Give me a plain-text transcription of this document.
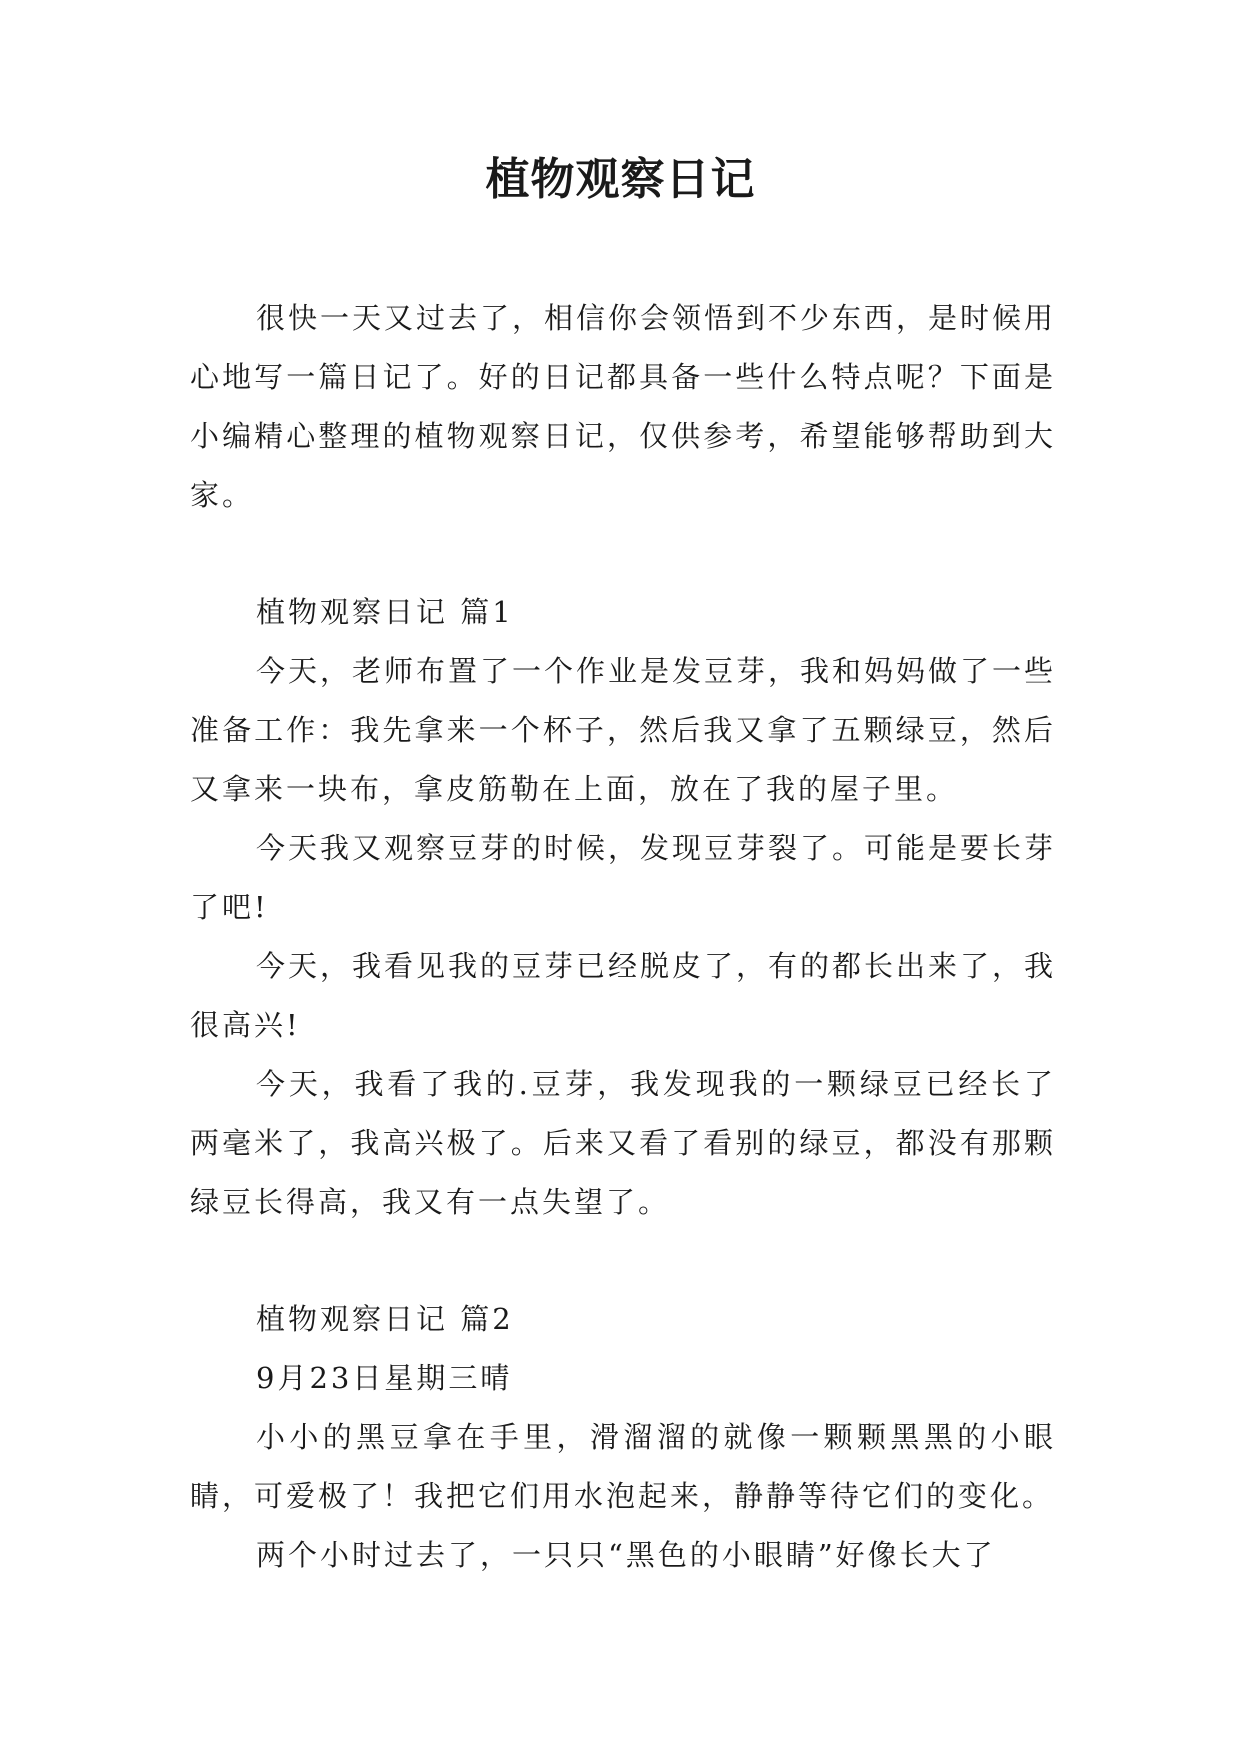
植物观察日记

很快一天又过去了，相信你会领悟到不少东西，是时候用心地写一篇日记了。好的日记都具备一些什么特点呢？下面是小编精心整理的植物观察日记，仅供参考，希望能够帮助到大家。

植物观察日记 篇1

今天，老师布置了一个作业是发豆芽，我和妈妈做了一些准备工作：我先拿来一个杯子，然后我又拿了五颗绿豆，然后又拿来一块布，拿皮筋勒在上面，放在了我的屋子里。

今天我又观察豆芽的时候，发现豆芽裂了。可能是要长芽了吧!

今天，我看见我的豆芽已经脱皮了，有的都长出来了，我很高兴!

今天，我看了我的.豆芽，我发现我的一颗绿豆已经长了两毫米了，我高兴极了。后来又看了看别的绿豆，都没有那颗绿豆长得高，我又有一点失望了。

植物观察日记 篇2

9月23日星期三晴

小小的黑豆拿在手里，滑溜溜的就像一颗颗黑黑的小眼睛，可爱极了！我把它们用水泡起来，静静等待它们的变化。

两个小时过去了，一只只“黑色的小眼睛”好像长大了
